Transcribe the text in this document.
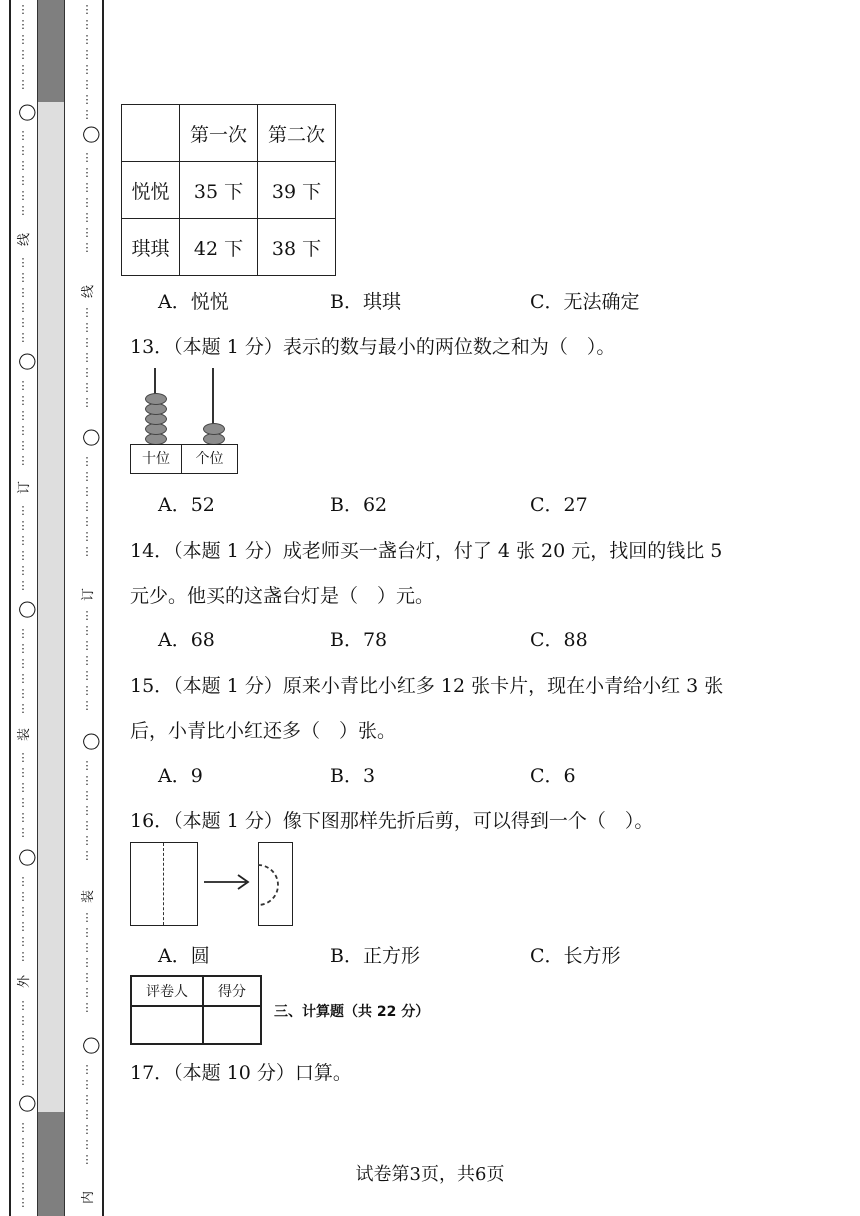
⋮
⋮
⋮
⋮
⋮
⋮
◯
⋮
⋮
⋮
⋮
⋮
⋮
线
⋮
⋮
⋮
⋮
⋮
⋮
◯
⋮
⋮
⋮
⋮
⋮
⋮
订
⋮
⋮
⋮
⋮
⋮
⋮
◯
⋮
⋮
⋮
⋮
⋮
⋮
装
⋮
⋮
⋮
⋮
⋮
⋮
◯
⋮
⋮
⋮
⋮
⋮
⋮
外
⋮
⋮
⋮
⋮
⋮
⋮
◯
⋮
⋮
⋮
⋮
⋮
⋮
⋮
⋮
⋮
⋮
⋮
⋮
⋮
⋮
◯
⋮
⋮
⋮
⋮
⋮
⋮
⋮
线
⋮
⋮
⋮
⋮
⋮
⋮
⋮
◯
⋮
⋮
⋮
⋮
⋮
⋮
⋮
订
⋮
⋮
⋮
⋮
⋮
⋮
⋮
◯
⋮
⋮
⋮
⋮
⋮
⋮
⋮
装
⋮
⋮
⋮
⋮
⋮
⋮
⋮
◯
⋮
⋮
⋮
⋮
⋮
⋮
⋮
内
	第一次	第二次
悦悦	35 下	39 下
琪琪	42 下	38 下
A．悦悦	B．琪琪	C．无法确定
13．（本题 1 分）表示的数与最小的两位数之和为（　）。
十位	个位
A．52	B．62	C．27
14．（本题 1 分）成老师买一盏台灯，付了 4 张 20 元，找回的钱比 5
元少。他买的这盏台灯是（　）元。
A．68	B．78	C．88
15．（本题 1 分）原来小青比小红多 12 张卡片，现在小青给小红 3 张
后，小青比小红还多（　）张。
A．9	B．3	C．6
16．（本题 1 分）像下图那样先折后剪，可以得到一个（　）。
A．圆	B．正方形	C．长方形
评卷人	得分

三、计算题（共 22 分）
17．（本题 10 分）口算。
试卷第3页，共6页
